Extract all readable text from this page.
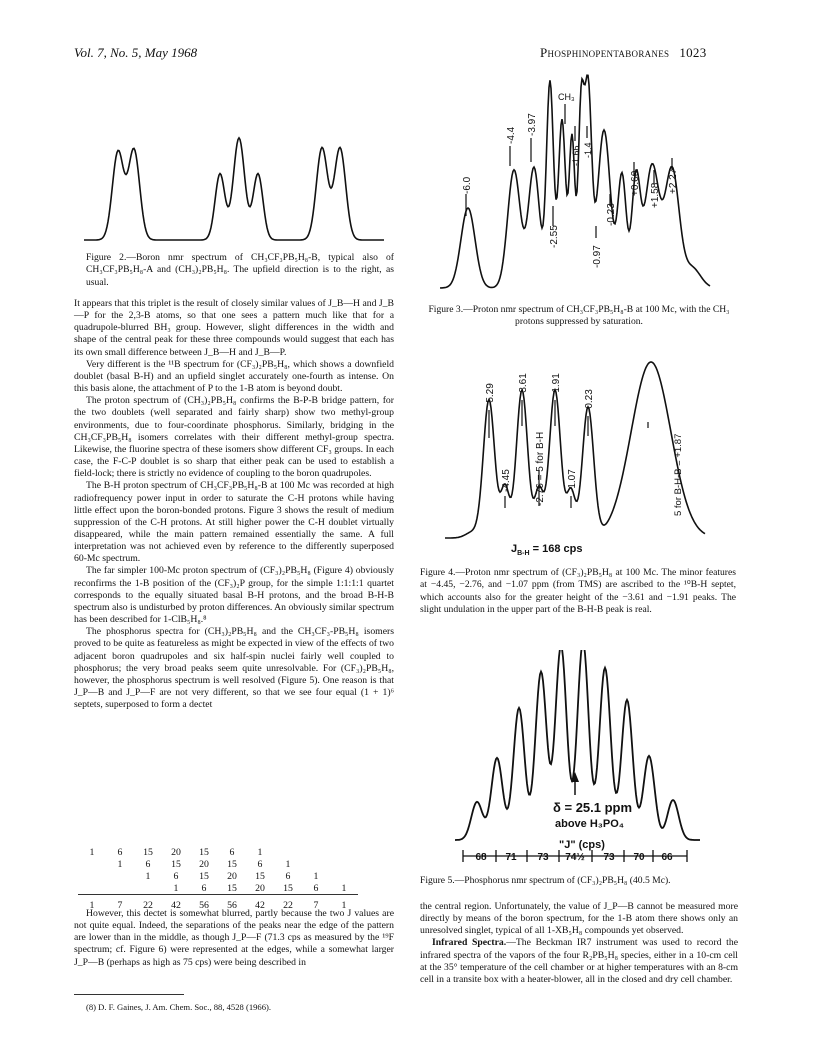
Vol. 7, No. 5, May 1968	Phosphinopentaboranes 1023
Figure 2.—Boron nmr spectrum of CH₃CF₃PB₅H₈-B, typical also of CH₃CF₃PB₅H₈-A and (CH₃)₂PB₅H₈. The upfield direction is to the right, as usual.
-6.0
-4.4 -3.97
-2.55
CH₃
-1.66 -1.4
-0.97
-0.23
+0.60 +1.58
+2.27
Figure 3.—Proton nmr spectrum of CH₃CF₃PB₅H₈-B at 100 Mc, with the CH₃ protons suppressed by saturation.
-5.29
-4.45
-3.61
-2.76 = 5 for B-H
-1.91
-1.07
-0.23
5 for B-H-B = +1.87
$J_{B-H} = 168$ cps
Figure 4.—Proton nmr spectrum of (CF₃)₂PB₅H₈ at 100 Mc. The minor features at −4.45, −2.76, and −1.07 ppm (from TMS) are ascribed to the ¹⁰B-H septet, which accounts also for the greater height of the −3.61 and −1.91 peaks. The slight undulation in the upper part of the B-H-B peak is real.
δ = 25.1 ppm
above H₃PO₄
"J" (cps)
68 71 73 74½ 73 70 66
Figure 5.—Phosphorus nmr spectrum of (CF₃)₂PB₅H₈ (40.5 Mc).

It appears that this triplet is the result of closely similar values of J_B—H and J_B—P for the 2,3-B atoms, so that one sees a pattern much like that for a quadrupole-blurred BH₃ group. However, slight differences in the width and shape of the central peak for these three compounds would suggest that each has its own small difference between J_B—H and J_B—P.

Very different is the ¹¹B spectrum for (CF₃)₂PB₅H₈, which shows a downfield doublet (basal B-H) and an upfield singlet accurately one-fourth as intense. On this basis alone, the attachment of P to the 1-B atom is beyond doubt.

The proton spectrum of (CH₃)₂PB₅H₈ confirms the B-P-B bridge pattern, for the two doublets (well separated and fairly sharp) show two methyl-group environments, due to four-coordinate phosphorus. Similarly, bridging in the CH₃CF₃PB₅H₈ isomers correlates with their different methyl-group spectra. Likewise, the fluorine spectra of these isomers show different CF₃ groups. In each case, the F-C-P doublet is so sharp that either peak can be used to establish a field-lock; there is strictly no evidence of coupling to the boron quadrupoles.

The B-H proton spectrum of CH₃CF₃PB₅H₈-B at 100 Mc was recorded at high radiofrequency power input in order to saturate the C-H protons while having little effect upon the boron-bonded protons. Figure 3 shows the result of medium suppression of the C-H protons. At still higher power the C-H doublet virtually disappeared, while the main pattern remained essentially the same. A full interpretation was not achieved even by reference to the differently superposed 60-Mc spectrum.

The far simpler 100-Mc proton spectrum of (CF₃)₂PB₅H₈ (Figure 4) obviously reconfirms the 1-B position of the (CF₃)₂P group, for the simple 1:1:1:1 quartet corresponds to the equally situated basal B-H protons, and the broad B-H-B spectrum also is undisturbed by proton differences. An obviously similar spectrum has been described for 1-ClB₅H₈.⁸

The phosphorus spectra for (CH₃)₂PB₅H₈ and the CH₃CF₃-PB₅H₈ isomers proved to be quite as featureless as might be expected in view of the effects of two adjacent boron quadrupoles and six half-spin nuclei fairly well coupled to phosphorus; the very broad peaks seem quite unresolvable. For (CF₃)₂PB₅H₈, however, the phosphorus spectrum is well resolved (Figure 5). One reason is that J_P—B and J_P—F are not very different, so that we see four equal (1 + 1)⁶ septets, superposed to form a dectet

1	6	15	20	15	6	1			
	1	6	15	20	15	6	1		
		1	6	15	20	15	6	1	
			1	6	15	20	15	6	1
1	7	22	42	56	56	42	22	7	1

However, this dectet is somewhat blurred, partly because the two J values are not quite equal. Indeed, the separations of the peaks near the edge of the pattern are lower than in the middle, as though J_P—F (71.3 cps as measured by the ¹⁹F spectrum; cf. Figure 6) were represented at the edges, while a somewhat larger J_P—B (perhaps as high as 75 cps) were being described in

the central region. Unfortunately, the value of J_P—B cannot be measured more directly by means of the boron spectrum, for the 1-B atom there shows only an unresolved singlet, typical of all 1-XB₅H₈ compounds yet observed.

Infrared Spectra.—The Beckman IR7 instrument was used to record the infrared spectra of the vapors of the four R₂PB₅H₈ species, either in a 10-cm cell at the 35° temperature of the cell chamber or at higher temperatures with an 8-cm cell in a transite box with a heater-blower, all in the closed and dry cell chamber.

(8) D. F. Gaines, J. Am. Chem. Soc., 88, 4528 (1966).
